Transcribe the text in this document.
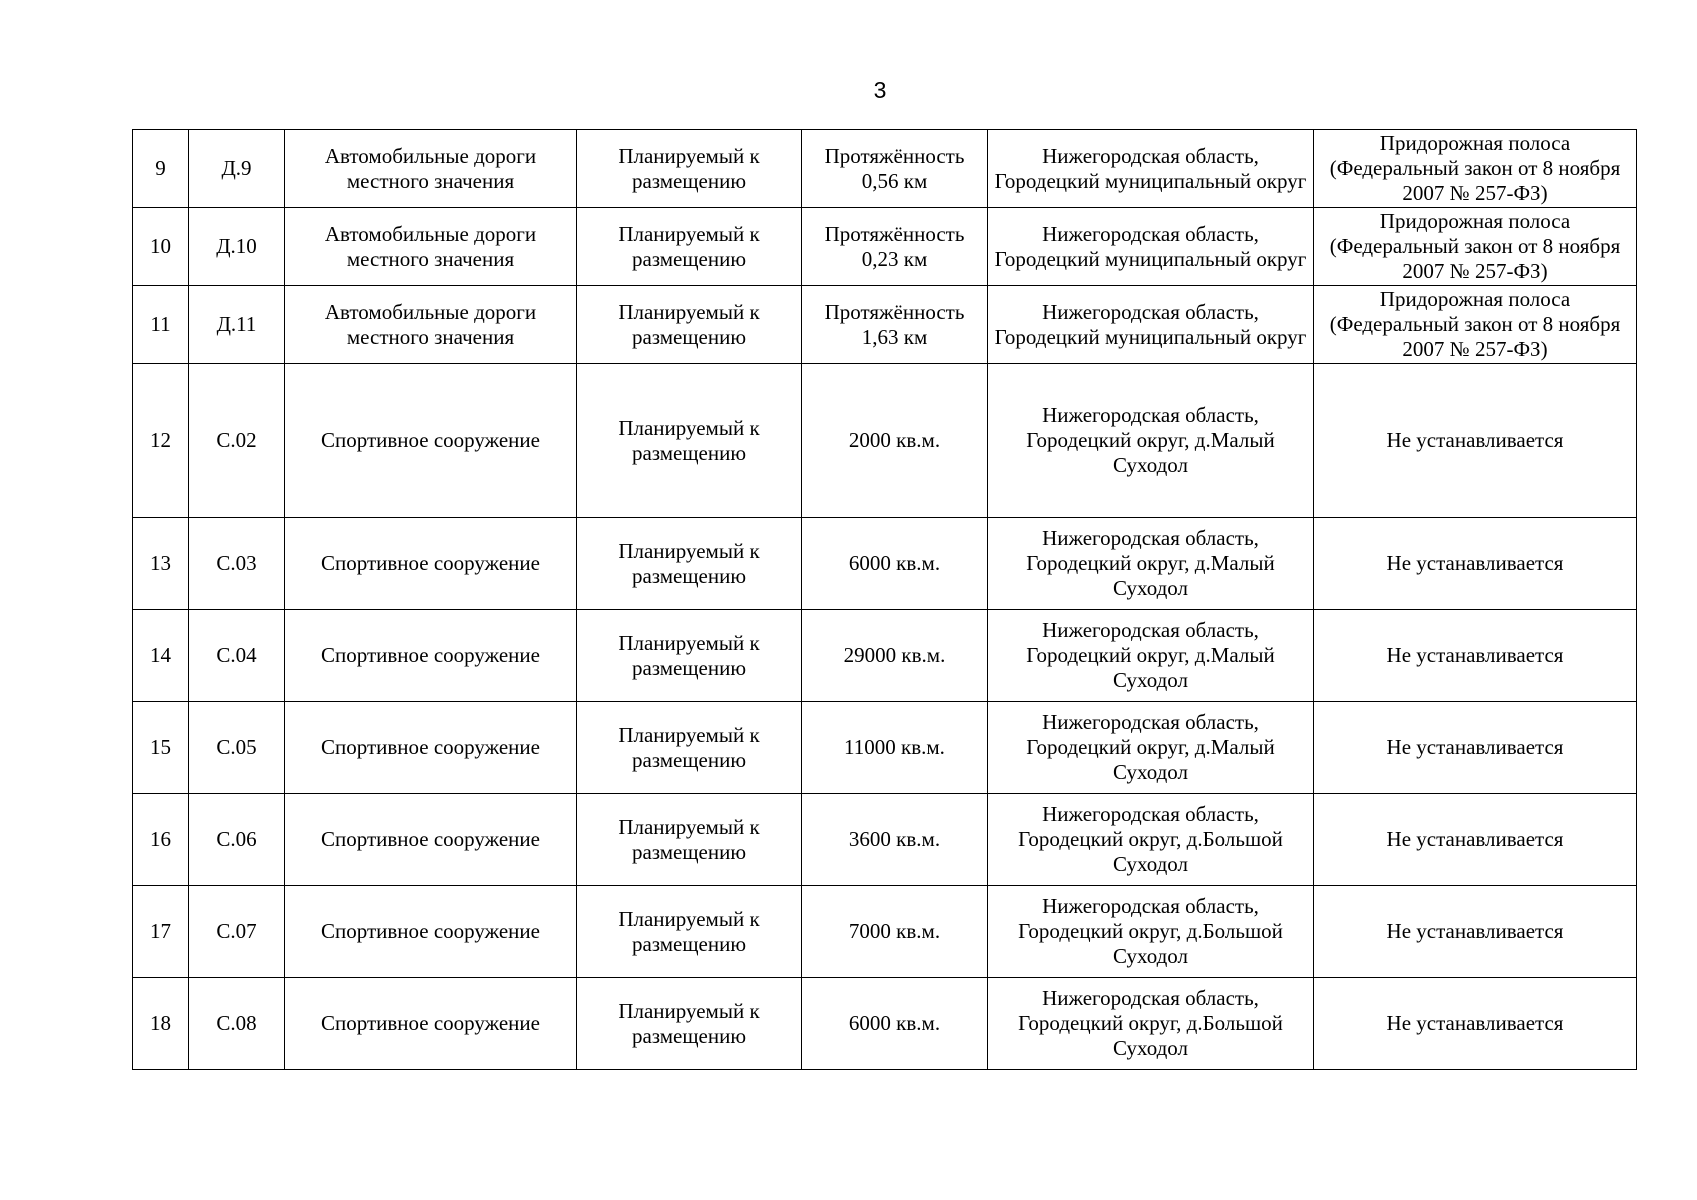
3
9	Д.9	Автомобильные дороги местного значения	Планируемый к размещению	Протяжённость 0,56 км	Нижегородская область, Городецкий муниципальный округ	Придорожная полоса (Федеральный закон от 8 ноября 2007 № 257-ФЗ)
10	Д.10	Автомобильные дороги местного значения	Планируемый к размещению	Протяжённость 0,23 км	Нижегородская область, Городецкий муниципальный округ	Придорожная полоса (Федеральный закон от 8 ноября 2007 № 257-ФЗ)
11	Д.11	Автомобильные дороги местного значения	Планируемый к размещению	Протяжённость 1,63 км	Нижегородская область, Городецкий муниципальный округ	Придорожная полоса (Федеральный закон от 8 ноября 2007 № 257-ФЗ)
12	С.02	Спортивное сооружение	Планируемый к размещению	2000 кв.м.	Нижегородская область, Городецкий округ, д.Малый Суходол	Не устанавливается
13	С.03	Спортивное сооружение	Планируемый к размещению	6000 кв.м.	Нижегородская область, Городецкий округ, д.Малый Суходол	Не устанавливается
14	С.04	Спортивное сооружение	Планируемый к размещению	29000 кв.м.	Нижегородская область, Городецкий округ, д.Малый Суходол	Не устанавливается
15	С.05	Спортивное сооружение	Планируемый к размещению	11000 кв.м.	Нижегородская область, Городецкий округ, д.Малый Суходол	Не устанавливается
16	С.06	Спортивное сооружение	Планируемый к размещению	3600 кв.м.	Нижегородская область, Городецкий округ, д.Большой Суходол	Не устанавливается
17	С.07	Спортивное сооружение	Планируемый к размещению	7000 кв.м.	Нижегородская область, Городецкий округ, д.Большой Суходол	Не устанавливается
18	С.08	Спортивное сооружение	Планируемый к размещению	6000 кв.м.	Нижегородская область, Городецкий округ, д.Большой Суходол	Не устанавливается
